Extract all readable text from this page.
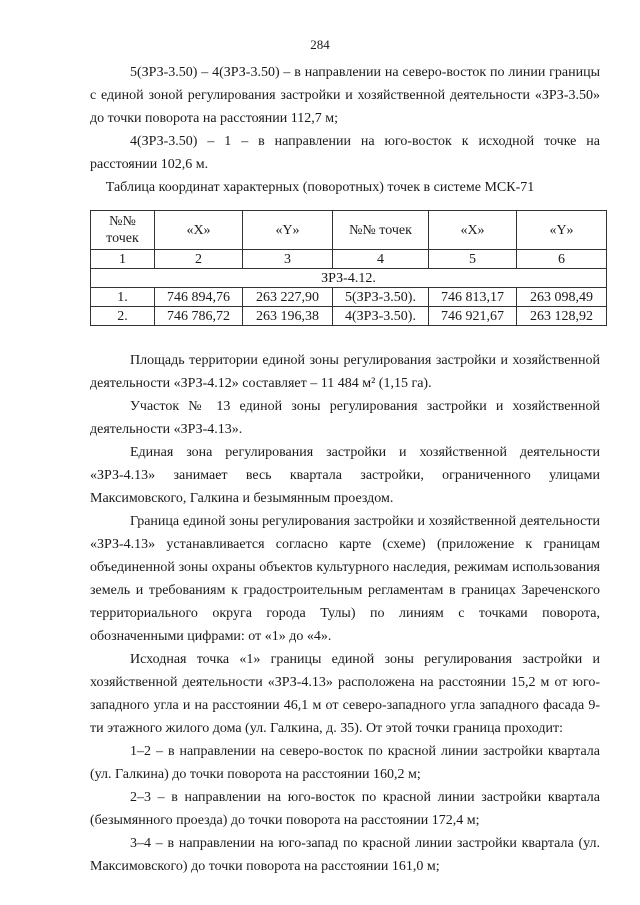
284

5(ЗРЗ-3.50) – 4(ЗРЗ-3.50) – в направлении на северо-восток по линии границы с единой зоной регулирования застройки и хозяйственной деятельности «ЗРЗ-3.50» до точки поворота на расстоянии 112,7 м;

4(ЗРЗ-3.50) – 1 – в направлении на юго-восток к исходной точке на расстоянии 102,6 м.

Таблица координат характерных (поворотных) точек в системе МСК-71
№№ точек	«X»	«Y»	№№ точек	«X»	«Y»
1	2	3	4	5	6
ЗРЗ-4.12.					
1.	746 894,76	263 227,90	5(ЗРЗ-3.50).	746 813,17	263 098,49
2.	746 786,72	263 196,38	4(ЗРЗ-3.50).	746 921,67	263 128,92

Площадь территории единой зоны регулирования застройки и хозяйственной деятельности «ЗРЗ-4.12» составляет – 11 484 м² (1,15 га).

Участок № 13 единой зоны регулирования застройки и хозяйственной деятельности «ЗРЗ-4.13».

Единая зона регулирования застройки и хозяйственной деятельности «ЗРЗ-4.13» занимает весь квартала застройки, ограниченного улицами Максимовского, Галкина и безымянным проездом.

Граница единой зоны регулирования застройки и хозяйственной деятельности «ЗРЗ-4.13» устанавливается согласно карте (схеме) (приложение к границам объединенной зоны охраны объектов культурного наследия, режимам использования земель и требованиям к градостроительным регламентам в границах Зареченского территориального округа города Тулы) по линиям с точками поворота, обозначенными цифрами: от «1» до «4».

Исходная точка «1» границы единой зоны регулирования застройки и хозяйственной деятельности «ЗРЗ-4.13» расположена на расстоянии 15,2 м от юго-западного угла и на расстоянии 46,1 м от северо-западного угла западного фасада 9-ти этажного жилого дома (ул. Галкина, д. 35). От этой точки граница проходит:

1–2 – в направлении на северо-восток по красной линии застройки квартала (ул. Галкина) до точки поворота на расстоянии 160,2 м;

2–3 – в направлении на юго-восток по красной линии застройки квартала (безымянного проезда) до точки поворота на расстоянии 172,4 м;

3–4 – в направлении на юго-запад по красной линии застройки квартала (ул. Максимовского) до точки поворота на расстоянии 161,0 м;
